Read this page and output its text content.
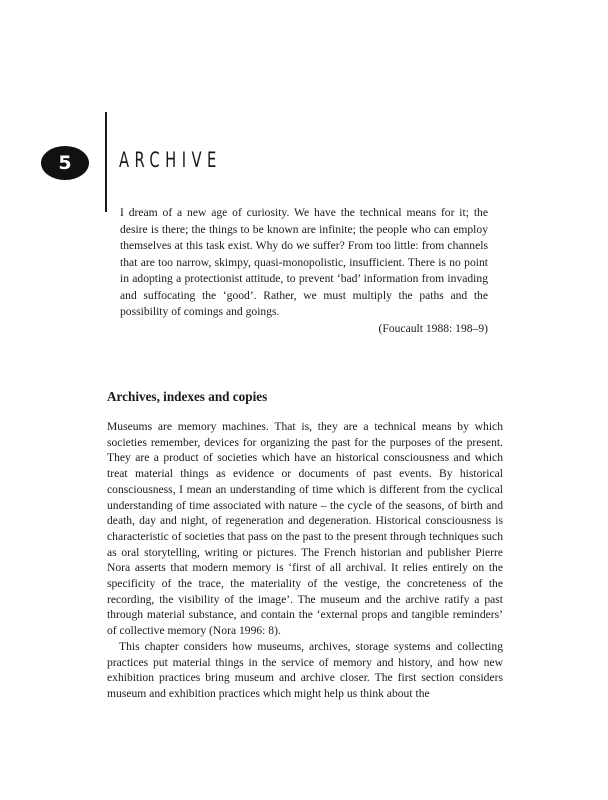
5 ARCHIVE

I dream of a new age of curiosity. We have the technical means for it; the desire is there; the things to be known are infinite; the people who can employ themselves at this task exist. Why do we suffer? From too little: from channels that are too narrow, skimpy, quasi-monopolistic, insufficient. There is no point in adopting a protectionist attitude, to prevent ‘bad’ information from invading and suffocating the ‘good’. Rather, we must multiply the paths and the possibility of comings and goings.

(Foucault 1988: 198–9)
Archives, indexes and copies

Museums are memory machines. That is, they are a technical means by which societies remember, devices for organizing the past for the purposes of the present. They are a product of societies which have an historical consciousness and which treat material things as evidence or documents of past events. By historical consciousness, I mean an understanding of time which is different from the cyclical understanding of time associated with nature – the cycle of the seasons, of birth and death, day and night, of regeneration and degeneration. Historical consciousness is characteristic of societies that pass on the past to the present through techniques such as oral storytelling, writing or pictures. The French historian and publisher Pierre Nora asserts that modern memory is ‘first of all archival. It relies entirely on the specificity of the trace, the materiality of the vestige, the concreteness of the recording, the visibility of the image’. The museum and the archive ratify a past through material substance, and contain the ‘external props and tangible reminders’ of collective memory (Nora 1996: 8).

This chapter considers how museums, archives, storage systems and collecting practices put material things in the service of memory and history, and how new exhibition practices bring museum and archive closer. The first section considers museum and exhibition practices which might help us think about the
